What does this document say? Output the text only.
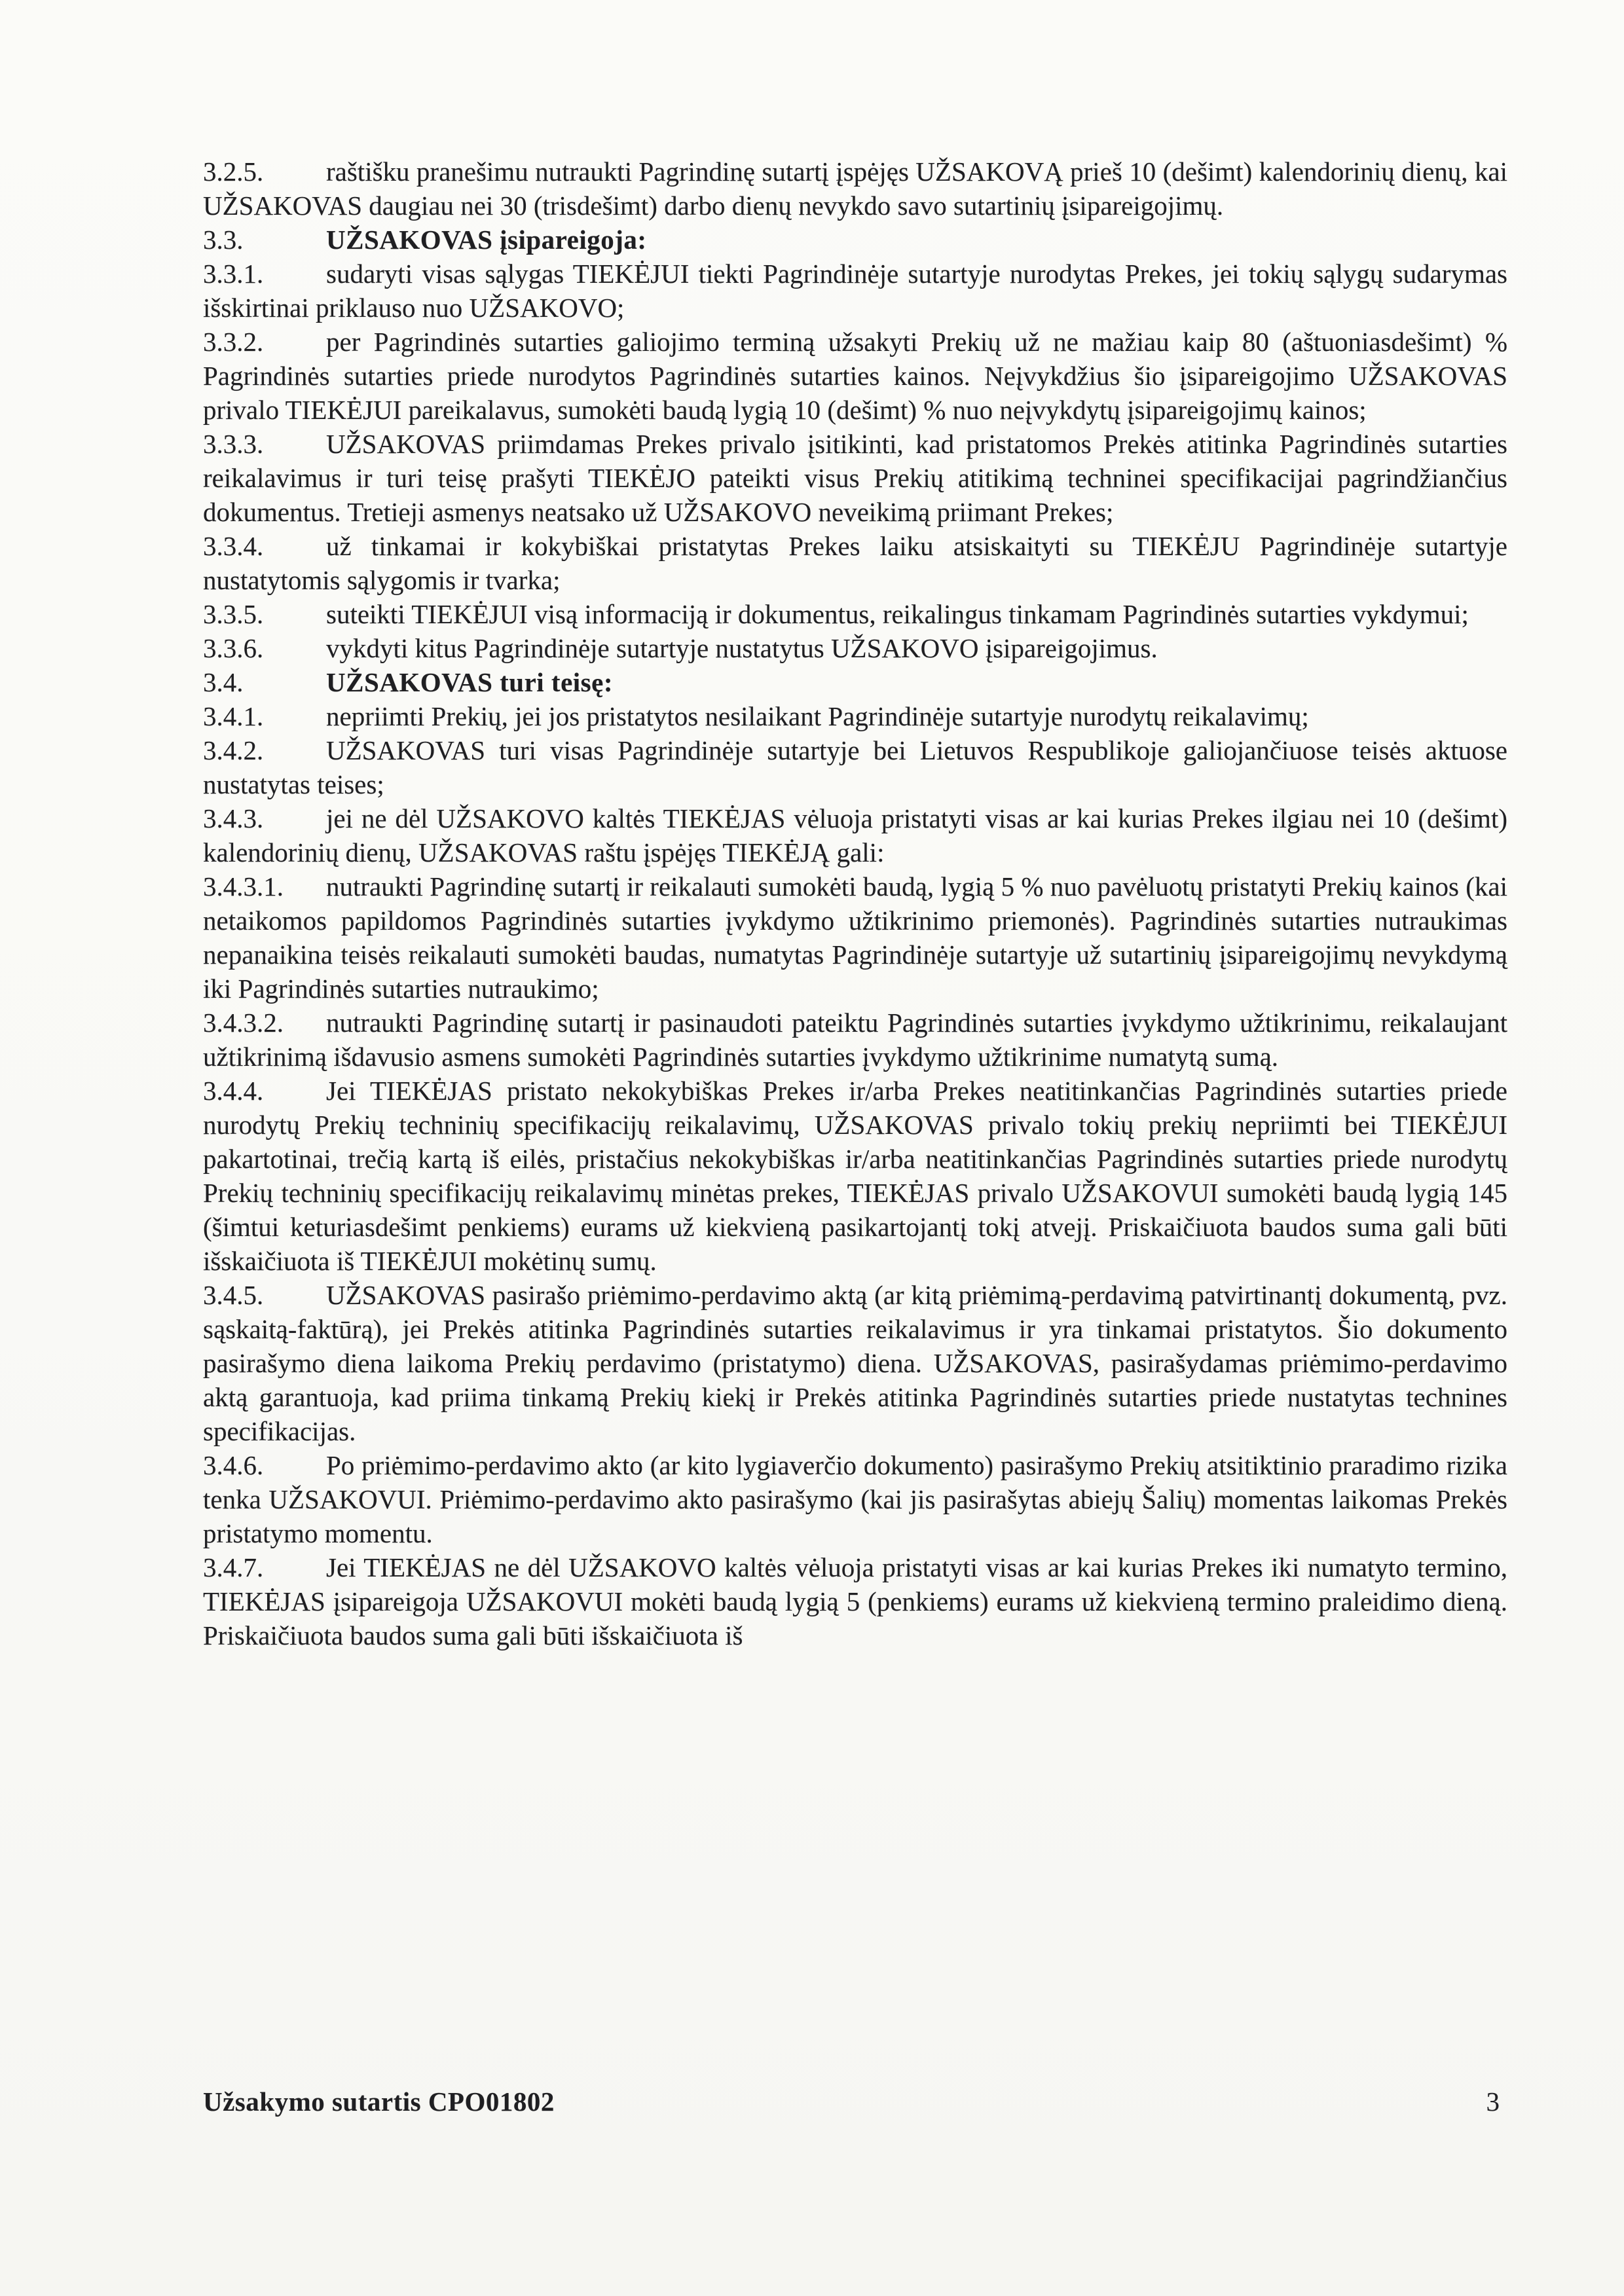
3.2.5. raštišku pranešimu nutraukti Pagrindinę sutartį įspėjęs UŽSAKOVĄ prieš 10 (dešimt) kalendorinių dienų, kai UŽSAKOVAS daugiau nei 30 (trisdešimt) darbo dienų nevykdo savo sutartinių įsipareigojimų.

3.3.	UŽSAKOVAS įsipareigoja:

3.3.1. sudaryti visas sąlygas TIEKĖJUI tiekti Pagrindinėje sutartyje nurodytas Prekes, jei tokių sąlygų sudarymas išskirtinai priklauso nuo UŽSAKOVO;

3.3.2. per Pagrindinės sutarties galiojimo terminą užsakyti Prekių už ne mažiau kaip 80 (aštuoniasdešimt) % Pagrindinės sutarties priede nurodytos Pagrindinės sutarties kainos. Neįvykdžius šio įsipareigojimo UŽSAKOVAS privalo TIEKĖJUI pareikalavus, sumokėti baudą lygią 10 (dešimt) % nuo neįvykdytų įsipareigojimų kainos;

3.3.3. UŽSAKOVAS priimdamas Prekes privalo įsitikinti, kad pristatomos Prekės atitinka Pagrindinės sutarties reikalavimus ir turi teisę prašyti TIEKĖJO pateikti visus Prekių atitikimą techninei specifikacijai pagrindžiančius dokumentus. Tretieji asmenys neatsako už UŽSAKOVO neveikimą priimant Prekes;

3.3.4. už tinkamai ir kokybiškai pristatytas Prekes laiku atsiskaityti su TIEKĖJU Pagrindinėje sutartyje nustatytomis sąlygomis ir tvarka;

3.3.5. suteikti TIEKĖJUI visą informaciją ir dokumentus, reikalingus tinkamam Pagrindinės sutarties vykdymui;

3.3.6. vykdyti kitus Pagrindinėje sutartyje nustatytus UŽSAKOVO įsipareigojimus.

3.4.	UŽSAKOVAS turi teisę:

3.4.1. nepriimti Prekių, jei jos pristatytos nesilaikant Pagrindinėje sutartyje nurodytų reikalavimų;

3.4.2. UŽSAKOVAS turi visas Pagrindinėje sutartyje bei Lietuvos Respublikoje galiojančiuose teisės aktuose nustatytas teises;

3.4.3. jei ne dėl UŽSAKOVO kaltės TIEKĖJAS vėluoja pristatyti visas ar kai kurias Prekes ilgiau nei 10 (dešimt) kalendorinių dienų, UŽSAKOVAS raštu įspėjęs TIEKĖJĄ gali:

3.4.3.1. nutraukti Pagrindinę sutartį ir reikalauti sumokėti baudą, lygią 5 % nuo pavėluotų pristatyti Prekių kainos (kai netaikomos papildomos Pagrindinės sutarties įvykdymo užtikrinimo priemonės). Pagrindinės sutarties nutraukimas nepanaikina teisės reikalauti sumokėti baudas, numatytas Pagrindinėje sutartyje už sutartinių įsipareigojimų nevykdymą iki Pagrindinės sutarties nutraukimo;

3.4.3.2. nutraukti Pagrindinę sutartį ir pasinaudoti pateiktu Pagrindinės sutarties įvykdymo užtikrinimu, reikalaujant užtikrinimą išdavusio asmens sumokėti Pagrindinės sutarties įvykdymo užtikrinime numatytą sumą.

3.4.4. Jei TIEKĖJAS pristato nekokybiškas Prekes ir/arba Prekes neatitinkančias Pagrindinės sutarties priede nurodytų Prekių techninių specifikacijų reikalavimų, UŽSAKOVAS privalo tokių prekių nepriimti bei TIEKĖJUI pakartotinai, trečią kartą iš eilės, pristačius nekokybiškas ir/arba neatitinkančias Pagrindinės sutarties priede nurodytų Prekių techninių specifikacijų reikalavimų minėtas prekes, TIEKĖJAS privalo UŽSAKOVUI sumokėti baudą lygią 145 (šimtui keturiasdešimt penkiems) eurams už kiekvieną pasikartojantį tokį atvejį. Priskaičiuota baudos suma gali būti išskaičiuota iš TIEKĖJUI mokėtinų sumų.

3.4.5. UŽSAKOVAS pasirašo priėmimo-perdavimo aktą (ar kitą priėmimą-perdavimą patvirtinantį dokumentą, pvz. sąskaitą-faktūrą), jei Prekės atitinka Pagrindinės sutarties reikalavimus ir yra tinkamai pristatytos. Šio dokumento pasirašymo diena laikoma Prekių perdavimo (pristatymo) diena. UŽSAKOVAS, pasirašydamas priėmimo-perdavimo aktą garantuoja, kad priima tinkamą Prekių kiekį ir Prekės atitinka Pagrindinės sutarties priede nustatytas technines specifikacijas.

3.4.6. Po priėmimo-perdavimo akto (ar kito lygiaverčio dokumento) pasirašymo Prekių atsitiktinio praradimo rizika tenka UŽSAKOVUI. Priėmimo-perdavimo akto pasirašymo (kai jis pasirašytas abiejų Šalių) momentas laikomas Prekės pristatymo momentu.

3.4.7. Jei TIEKĖJAS ne dėl UŽSAKOVO kaltės vėluoja pristatyti visas ar kai kurias Prekes iki numatyto termino, TIEKĖJAS įsipareigoja UŽSAKOVUI mokėti baudą lygią 5 (penkiems) eurams už kiekvieną termino praleidimo dieną. Priskaičiuota baudos suma gali būti išskaičiuota iš

Užsakymo sutartis CPO01802	3
